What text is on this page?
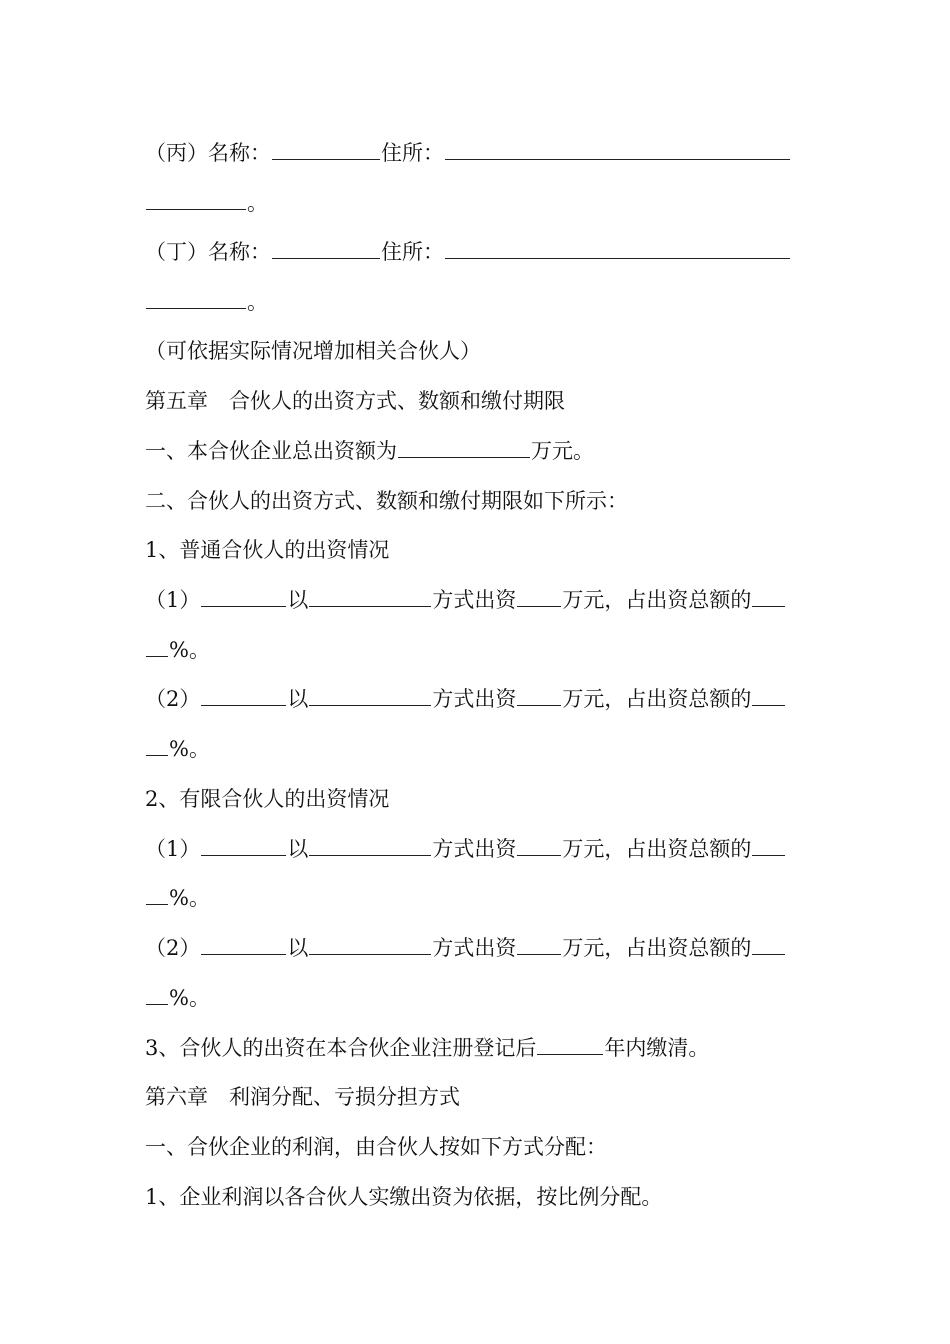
（丙）名称：	住所：
。
（丁）名称：	住所：
。
（可依据实际情况增加相关合伙人）
第五章　合伙人的出资方式、数额和缴付期限
一、本合伙企业总出资额为	万元。
二、合伙人的出资方式、数额和缴付期限如下所示：
1、普通合伙人的出资情况
（1）	以	方式出资 万元，占出资总额的
%。
（2）	以	方式出资 万元，占出资总额的
%。
2、有限合伙人的出资情况
（1）	以	方式出资 万元，占出资总额的
%。
（2）	以	方式出资 万元，占出资总额的
%。
3、合伙人的出资在本合伙企业注册登记后	年内缴清。
第六章　利润分配、亏损分担方式
一、合伙企业的利润，由合伙人按如下方式分配：
1、企业利润以各合伙人实缴出资为依据，按比例分配。
